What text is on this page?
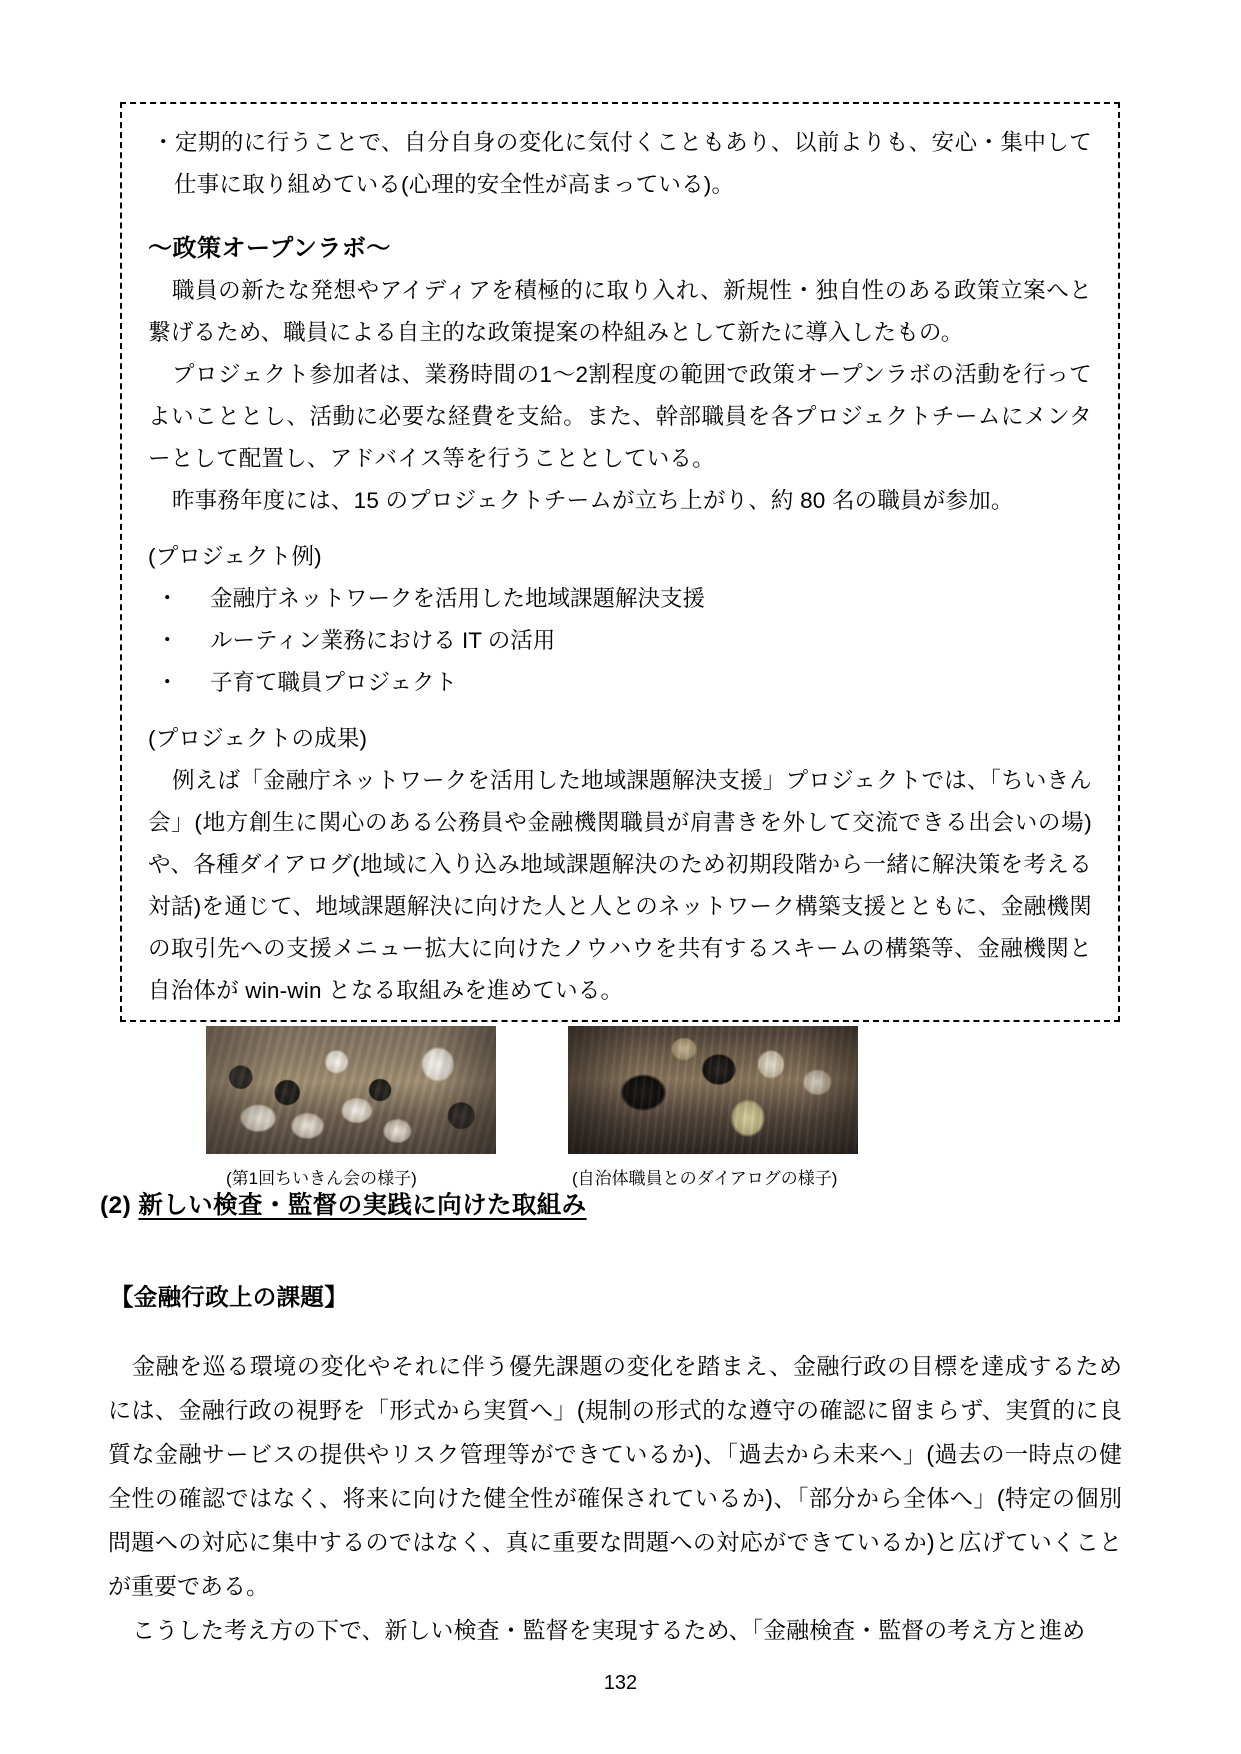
・定期的に行うことで、自分自身の変化に気付くこともあり、以前よりも、安心・集中して仕事に取り組めている(心理的安全性が高まっている)。

～政策オープンラボ～

職員の新たな発想やアイディアを積極的に取り入れ、新規性・独自性のある政策立案へと繋げるため、職員による自主的な政策提案の枠組みとして新たに導入したもの。

プロジェクト参加者は、業務時間の1～2割程度の範囲で政策オープンラボの活動を行ってよいこととし、活動に必要な経費を支給。また、幹部職員を各プロジェクトチームにメンターとして配置し、アドバイス等を行うこととしている。

昨事務年度には、15 のプロジェクトチームが立ち上がり、約 80 名の職員が参加。

(プロジェクト例)

・ 金融庁ネットワークを活用した地域課題解決支援
・ ルーティン業務における IT の活用
・ 子育て職員プロジェクト

(プロジェクトの成果)

例えば「金融庁ネットワークを活用した地域課題解決支援」プロジェクトでは、「ちいきん会」(地方創生に関心のある公務員や金融機関職員が肩書きを外して交流できる出会いの場)や、各種ダイアログ(地域に入り込み地域課題解決のため初期段階から一緒に解決策を考える対話)を通じて、地域課題解決に向けた人と人とのネットワーク構築支援とともに、金融機関の取引先への支援メニュー拡大に向けたノウハウを共有するスキームの構築等、金融機関と自治体が win-win となる取組みを進めている。

(第1回ちいきん会の様子)	(自治体職員とのダイアログの様子)
(2) 新しい検査・監督の実践に向けた取組み
【金融行政上の課題】

金融を巡る環境の変化やそれに伴う優先課題の変化を踏まえ、金融行政の目標を達成するためには、金融行政の視野を「形式から実質へ」(規制の形式的な遵守の確認に留まらず、実質的に良質な金融サービスの提供やリスク管理等ができているか)、「過去から未来へ」(過去の一時点の健全性の確認ではなく、将来に向けた健全性が確保されているか)、「部分から全体へ」(特定の個別問題への対応に集中するのではなく、真に重要な問題への対応ができているか)と広げていくことが重要である。

こうした考え方の下で、新しい検査・監督を実現するため、「金融検査・監督の考え方と進め

132
